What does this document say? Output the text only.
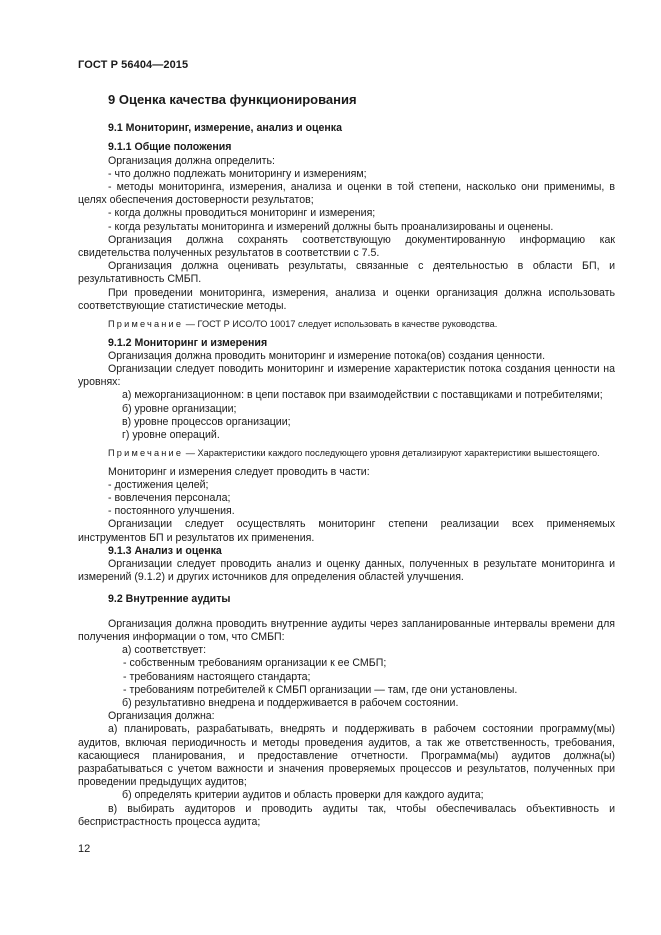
ГОСТ Р 56404—2015
9 Оценка качества функционирования
9.1 Мониторинг, измерение, анализ и оценка
9.1.1 Общие положения

Организация должна определить:

- что должно подлежать мониторингу и измерениям;

- методы мониторинга, измерения, анализа и оценки в той степени, насколько они применимы, в целях обеспечения достоверности результатов;

- когда должны проводиться мониторинг и измерения;

- когда результаты мониторинга и измерений должны быть проанализированы и оценены.

Организация должна сохранять соответствующую документированную информацию как свидетельства полученных результатов в соответствии с 7.5.

Организация должна оценивать результаты, связанные с деятельностью в области БП, и результативность СМБП.

При проведении мониторинга, измерения, анализа и оценки организация должна использовать соответствующие статистические методы.

Примечание — ГОСТ Р ИСО/ТО 10017 следует использовать в качестве руководства.

9.1.2 Мониторинг и измерения

Организация должна проводить мониторинг и измерение потока(ов) создания ценности.

Организации следует поводить мониторинг и измерение характеристик потока создания ценности на уровнях:

а) межорганизационном: в цепи поставок при взаимодействии с поставщиками и потребителями;

б) уровне организации;

в) уровне процессов организации;

г) уровне операций.

Примечание — Характеристики каждого последующего уровня детализируют характеристики вышестоящего.

Мониторинг и измерения следует проводить в части:

- достижения целей;

- вовлечения персонала;

- постоянного улучшения.

Организации следует осуществлять мониторинг степени реализации всех применяемых инструментов БП и результатов их применения.

9.1.3 Анализ и оценка

Организации следует проводить анализ и оценку данных, полученных в результате мониторинга и измерений (9.1.2) и других источников для определения областей улучшения.

9.2 Внутренние аудиты

Организация должна проводить внутренние аудиты через запланированные интервалы времени для получения информации о том, что СМБП:

а) соответствует:

- собственным требованиям организации к ее СМБП;

- требованиям настоящего стандарта;

- требованиям потребителей к СМБП организации — там, где они установлены.

б) результативно внедрена и поддерживается в рабочем состоянии.

Организация должна:

а) планировать, разрабатывать, внедрять и поддерживать в рабочем состоянии программу(мы) аудитов, включая периодичность и методы проведения аудитов, а так же ответственность, требования, касающиеся планирования, и предоставление отчетности. Программа(мы) аудитов должна(ы) разрабатываться с учетом важности и значения проверяемых процессов и результатов, полученных при проведении предыдущих аудитов;

б) определять критерии аудитов и область проверки для каждого аудита;

в) выбирать аудиторов и проводить аудиты так, чтобы обеспечивалась объективность и беспристрастность процесса аудита;

12
